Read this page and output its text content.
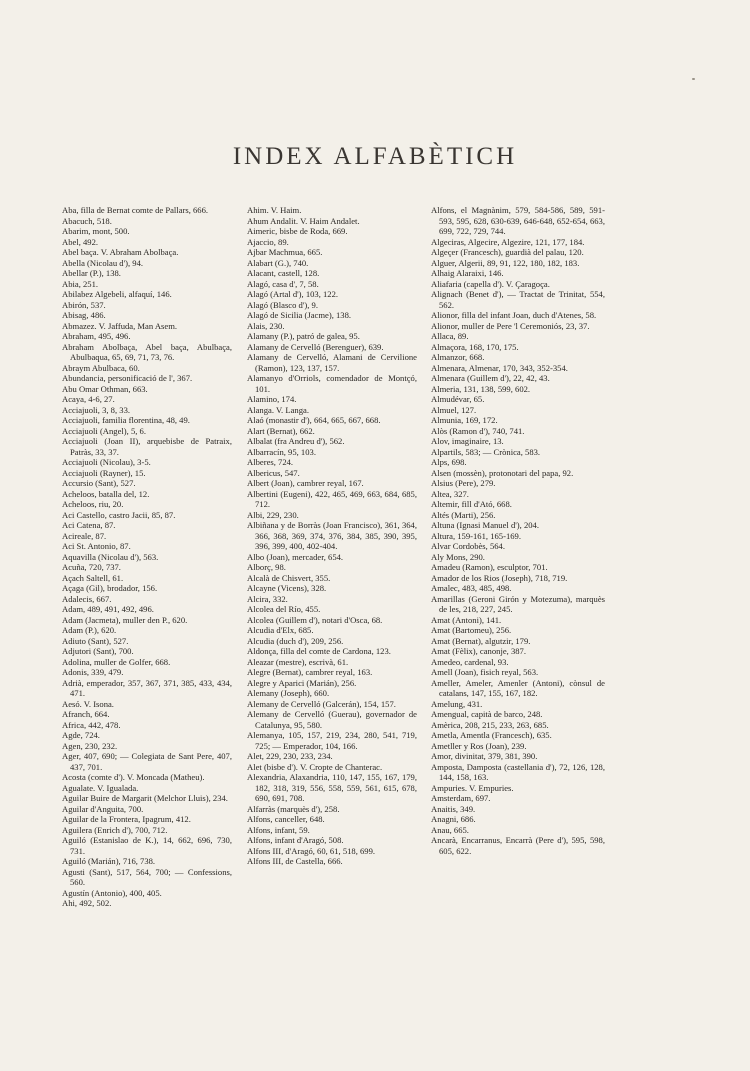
INDEX ALFABÈTICH

Aba, filla de Bernat comte de Pallars, 666.

Abacuch, 518.

Abarim, mont, 500.

Abel, 492.

Abel baça. V. Abraham Abolbaça.

Abella (Nicolau d'), 94.

Abellar (P.), 138.

Abia, 251.

Abilabez Algebeli, alfaquí, 146.

Abirón, 537.

Abisag, 486.

Abmazez. V. Jaffuda, Man Asem.

Abraham, 495, 496.

Abraham Abolbaça, Abel baça, Abulbaça, Abulbaqua, 65, 69, 71, 73, 76.

Abraym Abulbaca, 60.

Abundancia, personificació de l', 367.

Abu Omar Othman, 663.

Acaya, 4-6, 27.

Acciajuoli, 3, 8, 33.

Acciajuoli, familia florentina, 48, 49.

Acciajuoli (Angel), 5, 6.

Acciajuoli (Joan II), arquebisbe de Patraix, Patràs, 33, 37.

Acciajuoli (Nicolau), 3-5.

Acciajuoli (Rayner), 15.

Accursio (Sant), 527.

Acheloos, batalla del, 12.

Acheloos, riu, 20.

Aci Castello, castro Jacii, 85, 87.

Aci Catena, 87.

Acireale, 87.

Aci St. Antonio, 87.

Aquavilla (Nicolau d'), 563.

Acuña, 720, 737.

Açach Saltell, 61.

Açaga (Gil), brodador, 156.

Adalecis, 667.

Adam, 489, 491, 492, 496.

Adam (Jacmeta), muller den P., 620.

Adam (P.), 620.

Adiuto (Sant), 527.

Adjutori (Sant), 700.

Adolina, muller de Golfer, 668.

Adonis, 339, 479.

Adrià, emperador, 357, 367, 371, 385, 433, 434, 471.

Aesó. V. Isona.

Afranch, 664.

Africa, 442, 478.

Agde, 724.

Agen, 230, 232.

Ager, 407, 690; — Colegiata de Sant Pere, 407, 437, 701.

Acosta (comte d'). V. Moncada (Matheu).

Agualate. V. Igualada.

Aguilar Buire de Margarit (Melchor Lluis), 234.

Aguilar d'Anguita, 700.

Aguilar de la Frontera, Ipagrum, 412.

Aguilera (Enrich d'), 700, 712.

Aguiló (Estanislao de K.), 14, 662, 696, 730, 731.

Aguiló (Marián), 716, 738.

Agusti (Sant), 517, 564, 700; — Confessions, 560.

Agustín (Antonio), 400, 405.

Ahi, 492, 502.

Ahim. V. Haim.

Ahum Andalit. V. Haim Andalet.

Aimeric, bisbe de Roda, 669.

Ajaccio, 89.

Ajbar Machmua, 665.

Alabart (G.), 740.

Alacant, castell, 128.

Alagó, casa d', 7, 58.

Alagó (Artal d'), 103, 122.

Alagó (Blasco d'), 9.

Alagó de Sicilia (Jacme), 138.

Alais, 230.

Alamany (P.), patró de galea, 95.

Alamany de Cervelló (Berenguer), 639.

Alamany de Cervelló, Alamani de Cervilione (Ramon), 123, 137, 157.

Alamanyo d'Orriols, comendador de Montçó, 101.

Alamino, 174.

Alanga. V. Langa.

Alaó (monastir d'), 664, 665, 667, 668.

Alart (Bernat), 662.

Albalat (fra Andreu d'), 562.

Albarracín, 95, 103.

Alberes, 724.

Albericus, 547.

Albert (Joan), cambrer reyal, 167.

Albertini (Eugeni), 422, 465, 469, 663, 684, 685, 712.

Albi, 229, 230.

Albiñana y de Borràs (Joan Francisco), 361, 364, 366, 368, 369, 374, 376, 384, 385, 390, 395, 396, 399, 400, 402-404.

Albo (Joan), mercader, 654.

Alborç, 98.

Alcalà de Chisvert, 355.

Alcayne (Vicens), 328.

Alcira, 332.

Alcolea del Río, 455.

Alcolea (Guillem d'), notari d'Osca, 68.

Alcudia d'Elx, 685.

Alcudia (duch d'), 209, 256.

Aldonça, filla del comte de Cardona, 123.

Aleazar (mestre), escrivà, 61.

Alegre (Bernat), cambrer reyal, 163.

Alegre y Aparici (Marián), 256.

Alemany (Joseph), 660.

Alemany de Cervelló (Galcerán), 154, 157.

Alemany de Cervelló (Guerau), governador de Catalunya, 95, 580.

Alemanya, 105, 157, 219, 234, 280, 541, 719, 725; — Emperador, 104, 166.

Alet, 229, 230, 233, 234.

Alet (bisbe d'). V. Cropte de Chanterac.

Alexandria, Alaxandria, 110, 147, 155, 167, 179, 182, 318, 319, 556, 558, 559, 561, 615, 678, 690, 691, 708.

Alfarràs (marquès d'), 258.

Alfons, canceller, 648.

Alfons, infant, 59.

Alfons, infant d'Aragó, 508.

Alfons III, d'Aragó, 60, 61, 518, 699.

Alfons III, de Castella, 666.

Alfons, el Magnànim, 579, 584-586, 589, 591-593, 595, 628, 630-639, 646-648, 652-654, 663, 699, 722, 729, 744.

Algeciras, Algecire, Algezire, 121, 177, 184.

Algeçer (Francesch), guardià del palau, 120.

Alguer, Algerii, 89, 91, 122, 180, 182, 183.

Alhaig Alaraixi, 146.

Aliafaria (capella d'). V. Çaragoça.

Alignach (Benet d'), — Tractat de Trinitat, 554, 562.

Alionor, filla del infant Joan, duch d'Atenes, 58.

Alionor, muller de Pere 'l Ceremoniós, 23, 37.

Allaca, 89.

Almaçora, 168, 170, 175.

Almanzor, 668.

Almenara, Almenar, 170, 343, 352-354.

Almenara (Guillem d'), 22, 42, 43.

Almeria, 131, 138, 599, 602.

Almudévar, 65.

Almuel, 127.

Almunia, 169, 172.

Alòs (Ramon d'), 740, 741.

Alov, imaginaire, 13.

Alpartils, 583; — Crònica, 583.

Alps, 698.

Alsen (mossèn), protonotari del papa, 92.

Alsius (Pere), 279.

Altea, 327.

Altemir, fill d'Ató, 668.

Altés (Marti), 256.

Altuna (Ignasi Manuel d'), 204.

Altura, 159-161, 165-169.

Alvar Cordobès, 564.

Aly Mons, 290.

Amadeu (Ramon), esculptor, 701.

Amador de los Rios (Joseph), 718, 719.

Amalec, 483, 485, 498.

Amarillas (Geroni Girón y Motezuma), marquès de les, 218, 227, 245.

Amat (Antoni), 141.

Amat (Bartomeu), 256.

Amat (Bernat), algutzir, 179.

Amat (Fèlix), canonje, 387.

Amedeo, cardenal, 93.

Amell (Joan), fisich reyal, 563.

Ameller, Ameler, Amenler (Antoni), cònsul de catalans, 147, 155, 167, 182.

Amelung, 431.

Amengual, capità de barco, 248.

Amèrica, 208, 215, 233, 263, 685.

Ametla, Amentla (Francesch), 635.

Ametller y Ros (Joan), 239.

Amor, divinitat, 379, 381, 390.

Amposta, Damposta (castellania d'), 72, 126, 128, 144, 158, 163.

Ampuries. V. Empuries.

Amsterdam, 697.

Anaitis, 349.

Anagni, 686.

Anau, 665.

Ancarà, Encarranus, Encarrà (Pere d'), 595, 598, 605, 622.
